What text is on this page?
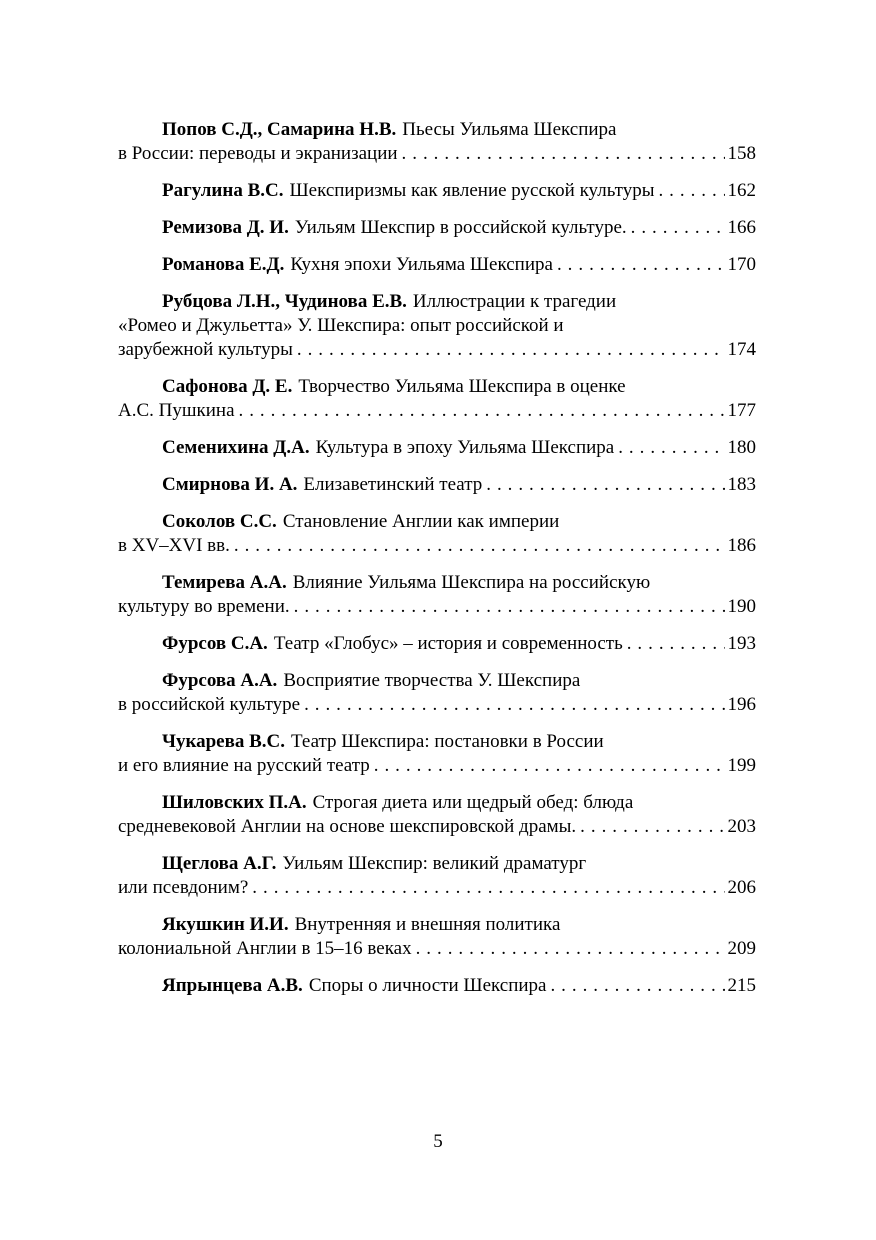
Попов С.Д., Самарина Н.В. Пьесы Уильяма Шекспира
в России: переводы и экранизации . . .	158
Рагулина В.С. Шекспиризмы как явление русской культуры . . .	162
Ремизова Д. И. Уильям Шекспир в российской культуре. . . .	166
Романова Е.Д. Кухня эпохи Уильяма Шекспира . . .	170
Рубцова Л.Н., Чудинова Е.В. Иллюстрации к трагедии
«Ромео и Джульетта» У. Шекспира: опыт российской и
зарубежной культуры . . .	174
Сафонова Д. Е. Творчество Уильяма Шекспира в оценке
А.С. Пушкина . . .	177
Семенихина Д.А. Культура в эпоху Уильяма Шекспира . . .	180
Смирнова И. А. Елизаветинский театр . . .	183
Соколов С.С. Становление Англии как империи
в XV–XVI вв. . . .	186
Темирева А.А. Влияние Уильяма Шекспира на российскую
культуру во времени. . . .	190
Фурсов С.А. Театр «Глобус» – история и современность . . .	193
Фурсова А.А. Восприятие творчества У. Шекспира
в российской культуре . . .	196
Чукарева В.С. Театр Шекспира: постановки в России
и его влияние на русский театр . . .	199
Шиловских П.А. Строгая диета или щедрый обед: блюда
средневековой Англии на основе шекспировской драмы. . . .	203
Щеглова А.Г. Уильям Шекспир: великий драматург
или псевдоним? . . .	206
Якушкин И.И. Внутренняя и внешняя политика
колониальной Англии в 15–16 веках . . .	209
Япрынцева А.В. Споры о личности Шекспира . . .	215
5
